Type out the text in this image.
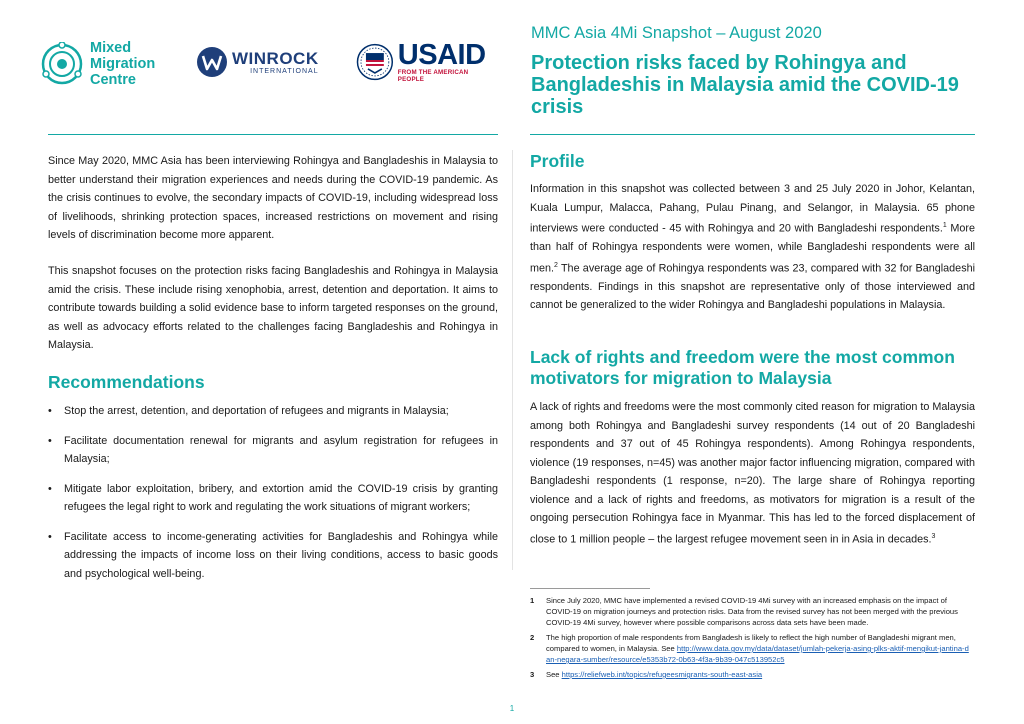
Mixed
Migration
Centre
WINROCK
INTERNATIONAL	USAID
FROM THE AMERICAN PEOPLE
MMC Asia 4Mi Snapshot – August 2020
Protection risks faced by Rohingya and Bangladeshis in Malaysia amid the COVID-19 crisis

Since May 2020, MMC Asia has been interviewing Rohingya and Bangladeshis in Malaysia to better understand their migration experiences and needs during the COVID-19 pandemic. As the crisis continues to evolve, the secondary impacts of COVID-19, including widespread loss of livelihoods, shrinking protection spaces, increased restrictions on movement and rising levels of discrimination become more apparent.

This snapshot focuses on the protection risks facing Bangladeshis and Rohingya in Malaysia amid the crisis. These include rising xenophobia, arrest, detention and deportation. It aims to contribute towards building a solid evidence base to inform targeted responses on the ground, as well as advocacy efforts related to the challenges facing Bangladeshis and Rohingya in Malaysia.

Recommendations
• Stop the arrest, detention, and deportation of refugees and migrants in Malaysia;
• Facilitate documentation renewal for migrants and asylum registration for refugees in Malaysia;
• Mitigate labor exploitation, bribery, and extortion amid the COVID-19 crisis by granting refugees the legal right to work and regulating the work situations of migrant workers;
• Facilitate access to income-generating activities for Bangladeshis and Rohingya while addressing the impacts of income loss on their living conditions, access to basic goods and psychological well-being.
Profile

Information in this snapshot was collected between 3 and 25 July 2020 in Johor, Kelantan, Kuala Lumpur, Malacca, Pahang, Pulau Pinang, and Selangor, in Malaysia. 65 phone interviews were conducted - 45 with Rohingya and 20 with Bangladeshi respondents.$^1$ More than half of Rohingya respondents were women, while Bangladeshi respondents were all men.$^2$ The average age of Rohingya respondents was 23, compared with 32 for Bangladeshi respondents. Findings in this snapshot are representative only of those interviewed and cannot be generalized to the wider Rohingya and Bangladeshi populations in Malaysia.

Lack of rights and freedom were the most common motivators for migration to Malaysia

A lack of rights and freedoms were the most commonly cited reason for migration to Malaysia among both Rohingya and Bangladeshi survey respondents (14 out of 20 Bangladeshi respondents and 37 out of 45 Rohingya respondents). Among Rohingya respondents, violence (19 responses, n=45) was another major factor influencing migration, compared with Bangladeshi respondents (1 response, n=20). The large share of Rohingya reporting violence and a lack of rights and freedoms, as motivators for migration is a result of the ongoing persecution Rohingya face in Myanmar. This has led to the forced displacement of close to 1 million people – the largest refugee movement seen in in Asia in decades.$^3$

1	Since July 2020, MMC have implemented a revised COVID-19 4Mi survey with an increased emphasis on the impact of COVID-19 on migration journeys and protection risks. Data from the revised survey has not been merged with the previous COVID-19 4Mi survey, however where possible comparisons across data sets have been made.
2	The high proportion of male respondents from Bangladesh is likely to reflect the high number of Bangladeshi migrant men, compared to women, in Malaysia. See http://www.data.gov.my/data/dataset/jumlah-pekerja-asing-plks-aktif-mengikut-jantina-dan-negara-sumber/resource/e5353b72-0b63-4f3a-9b39-047c513952c5
3	See https://reliefweb.int/topics/refugeesmigrants-south-east-asia
1
